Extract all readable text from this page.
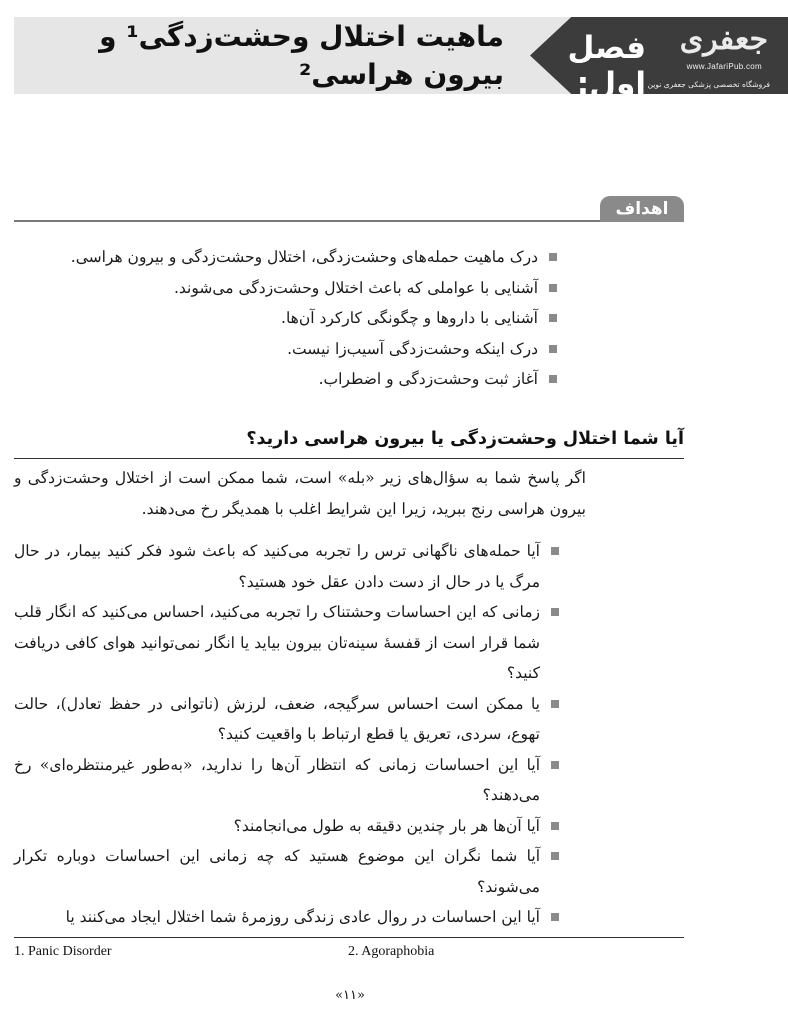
جعفری
www.JafariPub.com
فروشگاه تخصصی پزشکی جعفری نوین
فصل اول:
ماهیت اختلال وحشت‌زدگی¹ و بیرون هراسی²
اهداف
درک ماهیت حمله‌های وحشت‌زدگی، اختلال وحشت‌زدگی و بیرون هراسی.
آشنایی با عواملی که باعث اختلال وحشت‌زدگی می‌شوند.
آشنایی با داروها و چگونگی کارکرد آن‌ها.
درک اینکه وحشت‌زدگی آسیب‌زا نیست.
آغاز ثبت وحشت‌زدگی و اضطراب.
آیا شما اختلال وحشت‌زدگی یا بیرون هراسی دارید؟
اگر پاسخ شما به سؤال‌های زیر «بله» است، شما ممکن است از اختلال وحشت‌زدگی و بیرون هراسی رنج ببرید، زیرا این شرایط اغلب با همدیگر رخ می‌دهند.
آیا حمله‌های ناگهانی ترس را تجربه می‌کنید که باعث شود فکر کنید بیمار، در حال مرگ یا در حال از دست دادن عقل خود هستید؟
زمانی که این احساسات وحشتناک را تجربه می‌کنید، احساس می‌کنید که انگار قلب شما قرار است از قفسهٔ سینه‌تان بیرون بیاید یا انگار نمی‌توانید هوای کافی دریافت کنید؟
یا ممکن است احساس سرگیجه، ضعف، لرزش (ناتوانی در حفظ تعادل)، حالت تهوع، سردی، تعریق یا قطع ارتباط با واقعیت کنید؟
آیا این احساسات زمانی که انتظار آن‌ها را ندارید، «به‌طور غیرمنتظره‌ای» رخ می‌دهند؟
آیا آن‌ها هر بار چندین دقیقه به طول می‌انجامند؟
آیا شما نگران این موضوع هستید که چه زمانی این احساسات دوباره تکرار می‌شوند؟
آیا این احساسات در روال عادی زندگی روزمرهٔ شما اختلال ایجاد می‌کنند یا
1. Panic Disorder	2. Agoraphobia
«۱۱»
